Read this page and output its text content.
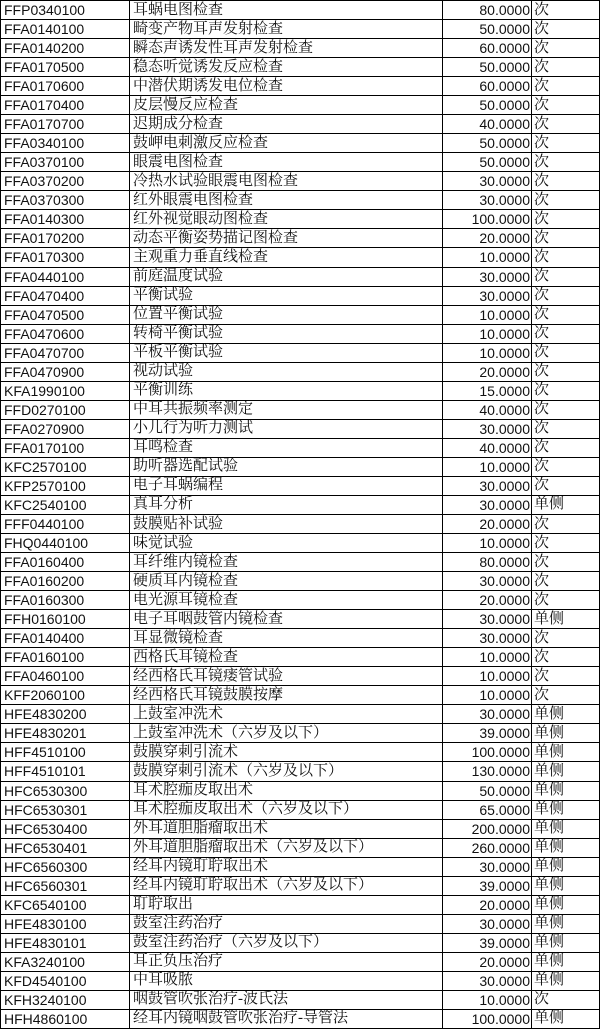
FFP0340100	耳蜗电图检查	80.0000 次
FFA0140100	畸变产物耳声发射检查	50.0000 次
FFA0140200	瞬态声诱发性耳声发射检查	60.0000 次
FFA0170500	稳态听觉诱发反应检查	50.0000 次
FFA0170600	中潜伏期诱发电位检查	60.0000 次
FFA0170400	皮层慢反应检查	50.0000 次
FFA0170700	迟期成分检查	40.0000 次
FFA0340100	鼓岬电刺激反应检查	50.0000 次
FFA0370100	眼震电图检查	50.0000 次
FFA0370200	冷热水试验眼震电图检查	30.0000 次
FFA0370300	红外眼震电图检查	30.0000 次
FFA0140300	红外视觉眼动图检查	100.0000 次
FFA0170200	动态平衡姿势描记图检查	20.0000 次
FFA0170300	主观重力垂直线检查	10.0000 次
FFA0440100	前庭温度试验	30.0000 次
FFA0470400	平衡试验	30.0000 次
FFA0470500	位置平衡试验	10.0000 次
FFA0470600	转椅平衡试验	10.0000 次
FFA0470700	平板平衡试验	10.0000 次
FFA0470900	视动试验	20.0000 次
KFA1990100	平衡训练	15.0000 次
FFD0270100	中耳共振频率测定	40.0000 次
FFA0270900	小儿行为听力测试	30.0000 次
FFA0170100	耳鸣检查	40.0000 次
KFC2570100	助听器选配试验	10.0000 次
KFP2570100	电子耳蜗编程	30.0000 次
KFC2540100	真耳分析	30.0000 单侧
FFF0440100	鼓膜贴补试验	20.0000 次
FHQ0440100	味觉试验	10.0000 次
FFA0160400	耳纤维内镜检查	80.0000 次
FFA0160200	硬质耳内镜检查	30.0000 次
FFA0160300	电光源耳镜检查	20.0000 次
FFH0160100	电子耳咽鼓管内镜检查	30.0000 单侧
FFA0140400	耳显微镜检查	30.0000 次
FFA0160100	西格氏耳镜检查	10.0000 次
FFA0460100	经西格氏耳镜瘘管试验	10.0000 次
KFF2060100	经西格氏耳镜鼓膜按摩	10.0000 次
HFE4830200	上鼓室冲洗术	30.0000 单侧
HFE4830201	上鼓室冲洗术（六岁及以下）	39.0000 单侧
HFF4510100	鼓膜穿刺引流术	100.0000 单侧
HFF4510101	鼓膜穿刺引流术（六岁及以下）	130.0000 单侧
HFC6530300	耳术腔痂皮取出术	50.0000 单侧
HFC6530301	耳术腔痂皮取出术（六岁及以下）	65.0000 单侧
HFC6530400	外耳道胆脂瘤取出术	200.0000 单侧
HFC6530401	外耳道胆脂瘤取出术（六岁及以下）	260.0000 单侧
HFC6560300	经耳内镜耵聍取出术	30.0000 单侧
HFC6560301	经耳内镜耵聍取出术（六岁及以下）	39.0000 单侧
KFC6540100	耵聍取出	20.0000 单侧
HFE4830100	鼓室注药治疗	30.0000 单侧
HFE4830101	鼓室注药治疗（六岁及以下）	39.0000 单侧
KFA3240100	耳正负压治疗	20.0000 单侧
KFD4540100	中耳吸脓	30.0000 单侧
KFH3240100	咽鼓管吹张治疗-波氏法	10.0000 次
HFH4860100	经耳内镜咽鼓管吹张治疗-导管法	100.0000 单侧
